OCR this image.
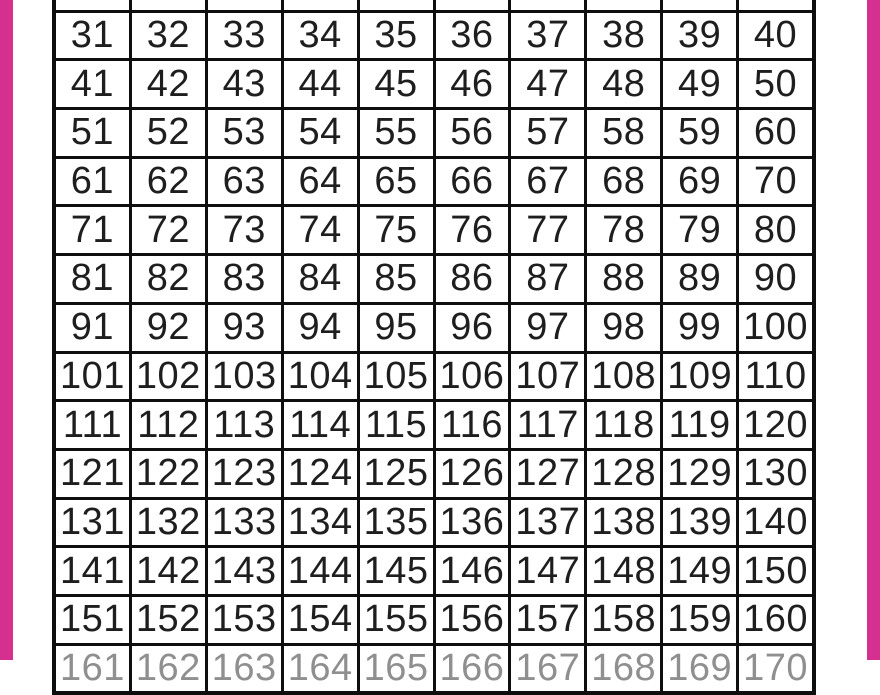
31 32 33 34 35 36 37 38 39 40
41 42 43 44 45 46 47 48 49 50
51 52 53 54 55 56 57 58 59 60
61 62 63 64 65 66 67 68 69 70
71 72 73 74 75 76 77 78 79 80
81 82 83 84 85 86 87 88 89 90
91 92 93 94 95 96 97 98 99 100
101 102 103 104 105 106 107 108 109 110
111 112 113 114 115 116 117 118 119 120
121 122 123 124 125 126 127 128 129 130
131 132 133 134 135 136 137 138 139 140
141 142 143 144 145 146 147 148 149 150
151 152 153 154 155 156 157 158 159 160
161 162 163 164 165 166 167 168 169 170
